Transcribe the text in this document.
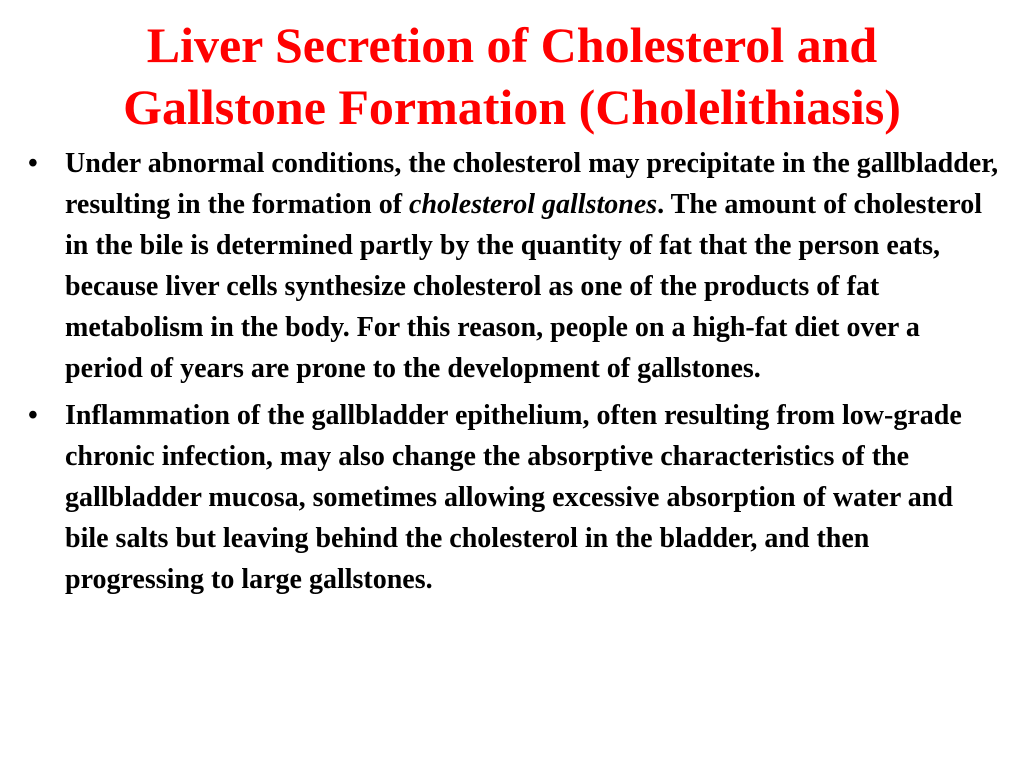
Liver Secretion of Cholesterol and
Gallstone Formation (Cholelithiasis)
• Under abnormal conditions, the cholesterol may precipitate in the gallbladder, resulting in the formation of cholesterol gallstones. The amount of cholesterol in the bile is determined partly by the quantity of fat that the person eats, because liver cells synthesize cholesterol as one of the products of fat metabolism in the body. For this reason, people on a high-fat diet over a period of years are prone to the development of gallstones.
• Inflammation of the gallbladder epithelium, often resulting from low-grade chronic infection, may also change the absorptive characteristics of the gallbladder mucosa, sometimes allowing excessive absorption of water and bile salts but leaving behind the cholesterol in the bladder, and then progressing to large gallstones.
